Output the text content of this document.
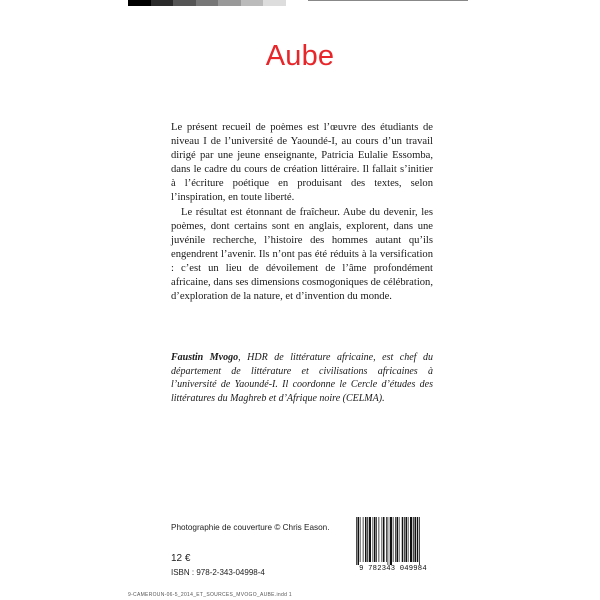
Aube

Le présent recueil de poèmes est l’œuvre des étudiants de niveau I de l’université de Yaoundé-I, au cours d’un travail dirigé par une jeune enseignante, Patricia Eulalie Essomba, dans le cadre du cours de création littéraire. Il fallait s’initier à l’écriture poétique en produisant des textes, selon l’inspiration, en toute liberté.

Le résultat est étonnant de fraîcheur. Aube du devenir, les poèmes, dont certains sont en anglais, explorent, dans une juvénile recherche, l’histoire des hommes autant qu’ils engendrent l’avenir. Ils n’ont pas été réduits à la versification : c’est un lieu de dévoilement de l’âme profondément africaine, dans ses dimensions cosmogoniques de célébration, d’exploration de la nature, et d’invention du monde.

Faustin Mvogo, HDR de littérature africaine, est chef du département de littérature et civilisations africaines à l’université de Yaoundé-I. Il coordonne le Cercle d’études des littératures du Maghreb et d’Afrique noire (CELMA).
Photographie de couverture © Chris Eason.
12 €
ISBN : 978-2-343-04998-4	9 782343 049984
9-CAMEROUN-06-5_2014_ET_SOURCES_MVOGO_AUBE.indd 1
